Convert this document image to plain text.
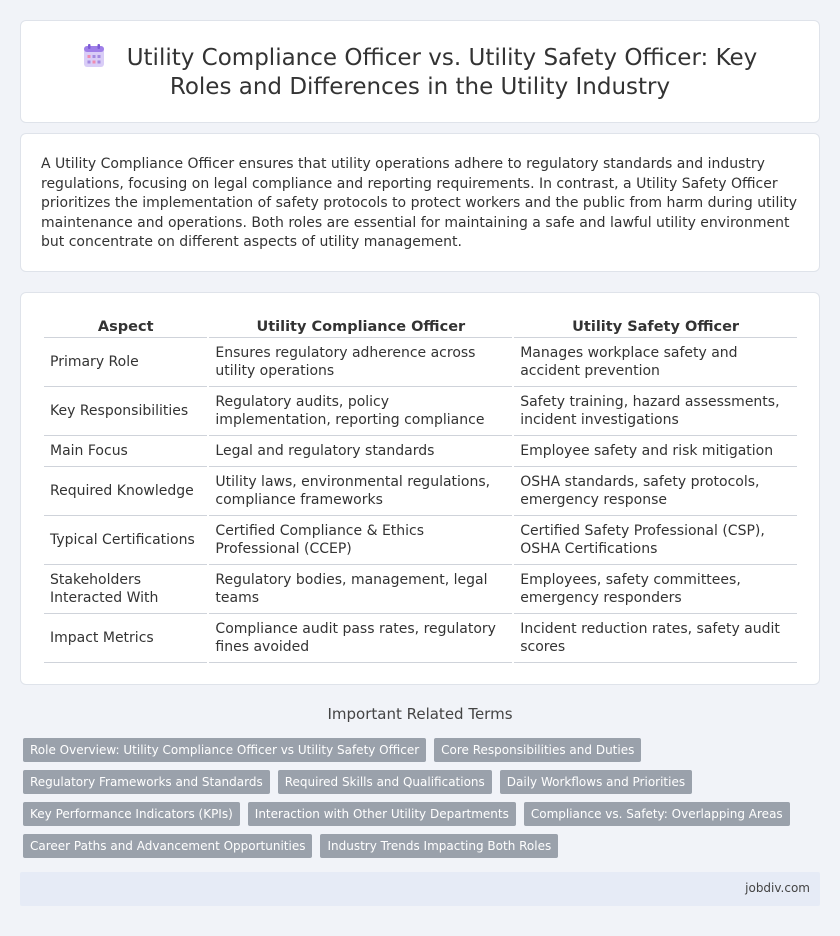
Utility Compliance Officer vs. Utility Safety Officer: Key Roles and Differences in the Utility Industry

A Utility Compliance Officer ensures that utility operations adhere to regulatory standards and industry regulations, focusing on legal compliance and reporting requirements. In contrast, a Utility Safety Officer prioritizes the implementation of safety protocols to protect workers and the public from harm during utility maintenance and operations. Both roles are essential for maintaining a safe and lawful utility environment but concentrate on different aspects of utility management.

Aspect	Utility Compliance Officer	Utility Safety Officer
Primary Role	Ensures regulatory adherence across utility operations	Manages workplace safety and accident prevention
Key Responsibilities	Regulatory audits, policy implementation, reporting compliance	Safety training, hazard assessments, incident investigations
Main Focus	Legal and regulatory standards	Employee safety and risk mitigation
Required Knowledge	Utility laws, environmental regulations, compliance frameworks	OSHA standards, safety protocols, emergency response
Typical Certifications	Certified Compliance & Ethics Professional (CCEP)	Certified Safety Professional (CSP), OSHA Certifications
Stakeholders Interacted With	Regulatory bodies, management, legal teams	Employees, safety committees, emergency responders
Impact Metrics	Compliance audit pass rates, regulatory fines avoided	Incident reduction rates, safety audit scores
Important Related Terms
Role Overview: Utility Compliance Officer vs Utility Safety Officer	Core Responsibilities and Duties
Regulatory Frameworks and Standards	Required Skills and Qualifications	Daily Workflows and Priorities
Key Performance Indicators (KPIs)	Interaction with Other Utility Departments	Compliance vs. Safety: Overlapping Areas
Career Paths and Advancement Opportunities	Industry Trends Impacting Both Roles
jobdiv.com
